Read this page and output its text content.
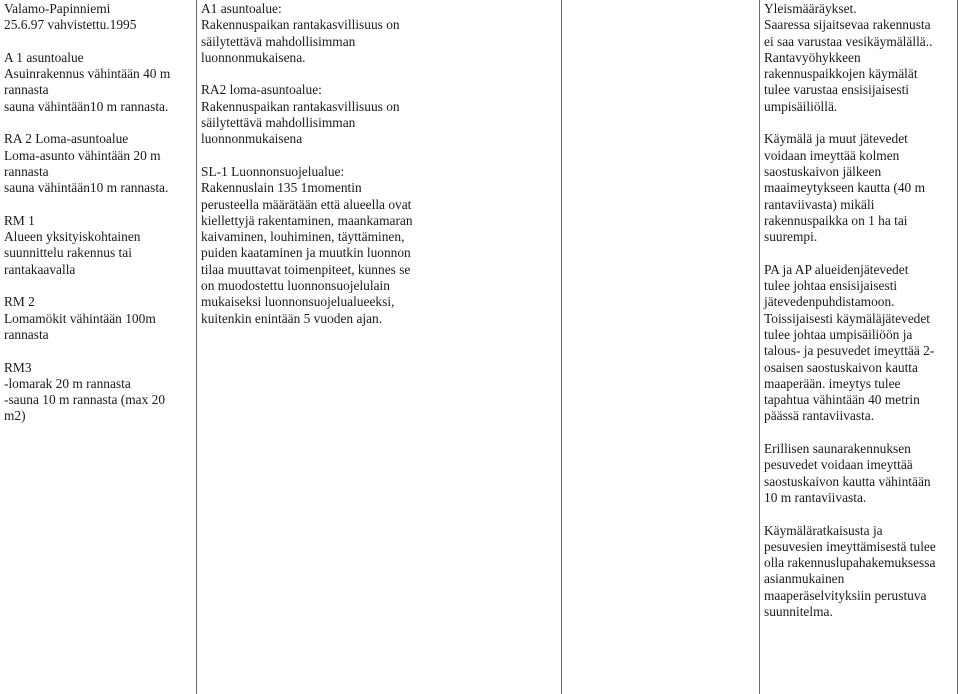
Valamo-Papinniemi
25.6.97 vahvistettu.1995
A 1 asuntoalue
Asuinrakennus vähintään 40 m
rannasta
sauna vähintään10 m rannasta.
RA 2 Loma-asuntoalue
Loma-asunto vähintään 20 m
rannasta
sauna vähintään10 m rannasta.
RM 1
Alueen yksityiskohtainen
suunnittelu rakennus tai
rantakaavalla
RM 2
Lomamökit vähintään 100m
rannasta
RM3
-lomarak 20 m rannasta
-sauna 10 m rannasta (max 20
m2)
A1 asuntoalue:
Rakennuspaikan rantakasvillisuus on
säilytettävä mahdollisimman
luonnonmukaisena.
RA2 loma-asuntoalue:
Rakennuspaikan rantakasvillisuus on
säilytettävä mahdollisimman
luonnonmukaisena
SL-1 Luonnonsuojelualue:
Rakennuslain 135 1momentin
perusteella määrätään että alueella ovat
kiellettyjä rakentaminen, maankamaran
kaivaminen, louhiminen, täyttäminen,
puiden kaataminen ja muutkin luonnon
tilaa muuttavat toimenpiteet, kunnes se
on muodostettu luonnonsuojelulain
mukaiseksi luonnonsuojelualueeksi,
kuitenkin enintään 5 vuoden ajan.
Yleismääräykset.
Saaressa sijaitsevaa rakennusta
ei saa varustaa vesikäymälällä..
Rantavyöhykkeen
rakennuspaikkojen käymälät
tulee varustaa ensisijaisesti
umpisäiliöllä.
Käymälä ja muut jätevedet
voidaan imeyttää kolmen
saostuskaivon jälkeen
maaimeytykseen kautta (40 m
rantaviivasta) mikäli
rakennuspaikka on 1 ha tai
suurempi.
PA ja AP alueidenjätevedet
tulee johtaa ensisijaisesti
jätevedenpuhdistamoon.
Toissijaisesti käymäläjätevedet
tulee johtaa umpisäiliöön ja
talous- ja pesuvedet imeyttää 2-
osaisen saostuskaivon kautta
maaperään. imeytys tulee
tapahtua vähintään 40 metrin
päässä rantaviivasta.
Erillisen saunarakennuksen
pesuvedet voidaan imeyttää
saostuskaivon kautta vähintään
10 m rantaviivasta.
Käymäläratkaisusta ja
pesuvesien imeyttämisestä tulee
olla rakennuslupahakemuksessa
asianmukainen
maaperäselvityksiin perustuva
suunnitelma.
